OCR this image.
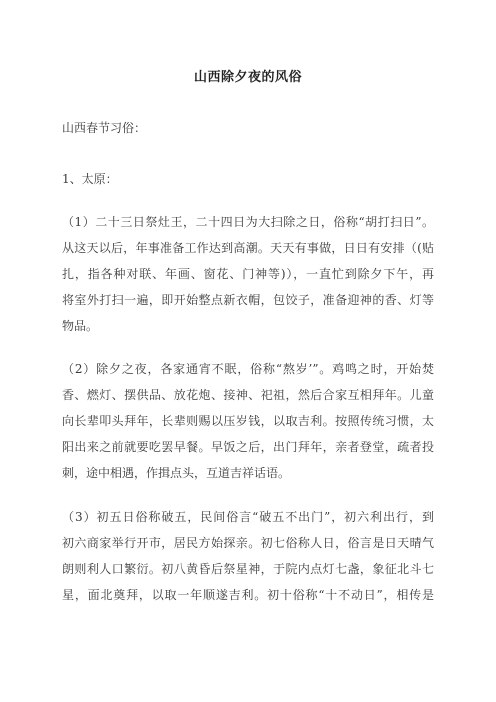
山西除夕夜的风俗
山西春节习俗：
1、太原：
（1）二十三日祭灶王，二十四日为大扫除之日，俗称“胡打扫日”。
从这天以后，年事准备工作达到高潮。天天有事做，日日有安排（(贴
扎，指各种对联、年画、窗花、门神等)），一直忙到除夕下午，再
将室外打扫一遍，即开始整点新衣帽，包饺子，准备迎神的香、灯等
物品。
（2）除夕之夜，各家通宵不眠，俗称“熬岁’”。鸡鸣之时，开始焚
香、燃灯、摆供品、放花炮、接神、祀祖，然后合家互相拜年。儿童
向长辈叩头拜年，长辈则赐以压岁钱，以取吉利。按照传统习惯，太
阳出来之前就要吃罢早餐。早饭之后，出门拜年，亲者登堂，疏者投
刺，途中相遇，作揖点头，互道吉祥话语。
（3）初五日俗称破五，民间俗言“破五不出门”，初六利出行，到
初六商家举行开市，居民方始探亲。初七俗称人日，俗言是日天晴气
朗则利人口繁衍。初八黄昏后祭星神，于院内点灯七盏，象征北斗七
星，面北奠拜，以取一年顺遂吉利。初十俗称“十不动日”，相传是
